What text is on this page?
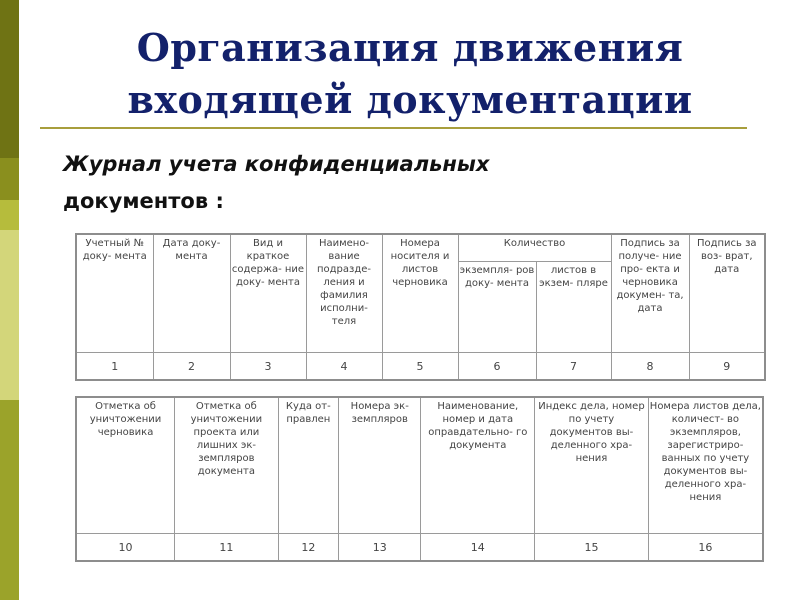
Организация движения
входящей документации

Журнал учета конфиденциальных
документов :

Учетный № доку- мента	Дата доку- мента	Вид и краткое содержа- ние доку- мента	Наимено- вание подразде- ления и фамилия исполни- теля	Номера носителя и листов черновика	Количество		Подпись за получе- ние про- екта и черновика докумен- та, дата	Подпись за воз- врат, дата
					экземпля- ров доку- мента	листов в экзем- пляре		
1	2	3	4	5	6	7	8	9
Отметка об уничтожении черновика	Отметка об уничтожении проекта или лишних эк- земпляров документа	Куда от- правлен	Номера эк- земпляров	Наименование, номер и дата оправдательно- го документа	Индекс дела, номер по учету документов вы- деленного хра- нения	Номера листов дела, количест- во экземпляров, зарегистриро- ванных по учету документов вы- деленного хра- нения
10	11	12	13	14	15	16
